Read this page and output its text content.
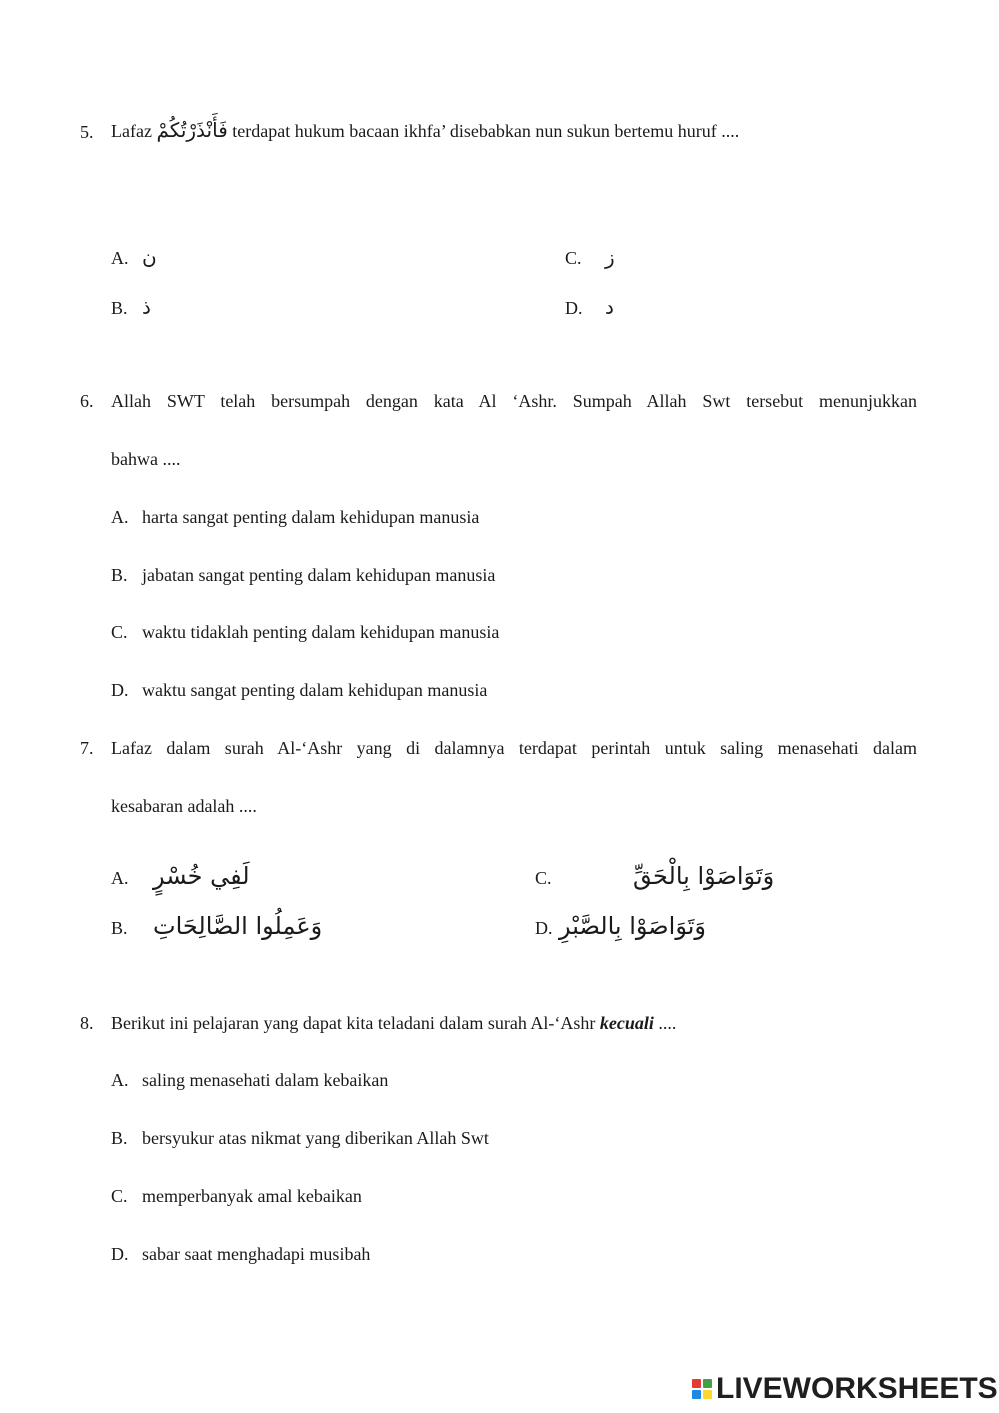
5. Lafaz فَأَنْذَرْتُكُمْ terdapat hukum bacaan ikhfa’ disebabkan nun sukun bertemu huruf ....
A. ن
B. ذ
C. ز
D. د
6. Allah SWT telah bersumpah dengan kata Al ‘Ashr. Sumpah Allah Swt tersebut menunjukkan
bahwa ....
A. harta sangat penting dalam kehidupan manusia
B. jabatan sangat penting dalam kehidupan manusia
C. waktu tidaklah penting dalam kehidupan manusia
D. waktu sangat penting dalam kehidupan manusia
7. Lafaz dalam surah Al-‘Ashr yang di dalamnya terdapat perintah untuk saling menasehati dalam
kesabaran adalah ....
A. لَفِي خُسْرٍ
B. وَعَمِلُوا الصَّالِحَاتِ
C.	وَتَوَاصَوْا بِالْحَقِّ
D. وَتَوَاصَوْا بِالصَّبْرِ
8. Berikut ini pelajaran yang dapat kita teladani dalam surah Al-‘Ashr kecuali ....
A. saling menasehati dalam kebaikan
B. bersyukur atas nikmat yang diberikan Allah Swt
C. memperbanyak amal kebaikan
D. sabar saat menghadapi musibah
LIVEWORKSHEETS
